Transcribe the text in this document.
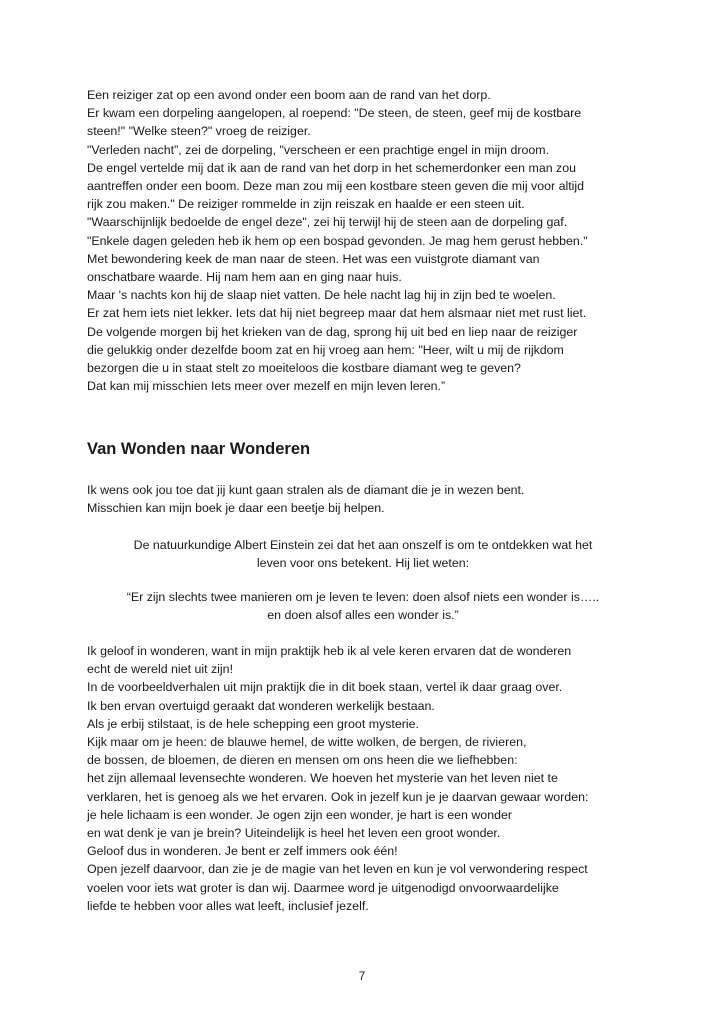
Een reiziger zat op een avond onder een boom aan de rand van het dorp.
Er kwam een dorpeling aangelopen, al roepend: "De steen, de steen, geef mij de kostbare
steen!" "Welke steen?" vroeg de reiziger.
"Verleden nacht”, zei de dorpeling, "verscheen er een prachtige engel in mijn droom.
De engel vertelde mij dat ik aan de rand van het dorp in het schemerdonker een man zou
aantreffen onder een boom. Deze man zou mij een kostbare steen geven die mij voor altijd
rijk zou maken." De reiziger rommelde in zijn reiszak en haalde er een steen uit.
"Waarschijnlijk bedoelde de engel deze", zei hij terwijl hij de steen aan de dorpeling gaf.
"Enkele dagen geleden heb ik hem op een bospad gevonden. Je mag hem gerust hebben."
Met bewondering keek de man naar de steen. Het was een vuistgrote diamant van
onschatbare waarde. Hij nam hem aan en ging naar huis.
Maar 's nachts kon hij de slaap niet vatten. De hele nacht lag hij in zijn bed te woelen.
Er zat hem iets niet lekker. Iets dat hij niet begreep maar dat hem alsmaar niet met rust liet.
De volgende morgen bij het krieken van de dag, sprong hij uit bed en liep naar de reiziger
die gelukkig onder dezelfde boom zat en hij vroeg aan hem: "Heer, wilt u mij de rijkdom
bezorgen die u in staat stelt zo moeiteloos die kostbare diamant weg te geven?
Dat kan mij misschien Iets meer over mezelf en mijn leven leren.”
Van Wonden naar Wonderen
Ik wens ook jou toe dat jij kunt gaan stralen als de diamant die je in wezen bent.
Misschien kan mijn boek je daar een beetje bij helpen.
De natuurkundige Albert Einstein zei dat het aan onszelf is om te ontdekken wat het
leven voor ons betekent. Hij liet weten:
“Er zijn slechts twee manieren om je leven te leven: doen alsof niets een wonder is…..
en doen alsof alles een wonder is.”
Ik geloof in wonderen, want in mijn praktijk heb ik al vele keren ervaren dat de wonderen
echt de wereld niet uit zijn!
In de voorbeeldverhalen uit mijn praktijk die in dit boek staan, vertel ik daar graag over.
Ik ben ervan overtuigd geraakt dat wonderen werkelijk bestaan.
Als je erbij stilstaat, is de hele schepping een groot mysterie.
Kijk maar om je heen: de blauwe hemel, de witte wolken, de bergen, de rivieren,
de bossen, de bloemen, de dieren en mensen om ons heen die we liefhebben:
het zijn allemaal levensechte wonderen. We hoeven het mysterie van het leven niet te
verklaren, het is genoeg als we het ervaren. Ook in jezelf kun je je daarvan gewaar worden:
je hele lichaam is een wonder. Je ogen zijn een wonder, je hart is een wonder
en wat denk je van je brein? Uiteindelijk is heel het leven een groot wonder.
Geloof dus in wonderen. Je bent er zelf immers ook één!
Open jezelf daarvoor, dan zie je de magie van het leven en kun je vol verwondering respect
voelen voor iets wat groter is dan wij. Daarmee word je uitgenodigd onvoorwaardelijke
liefde te hebben voor alles wat leeft, inclusief jezelf.
7
